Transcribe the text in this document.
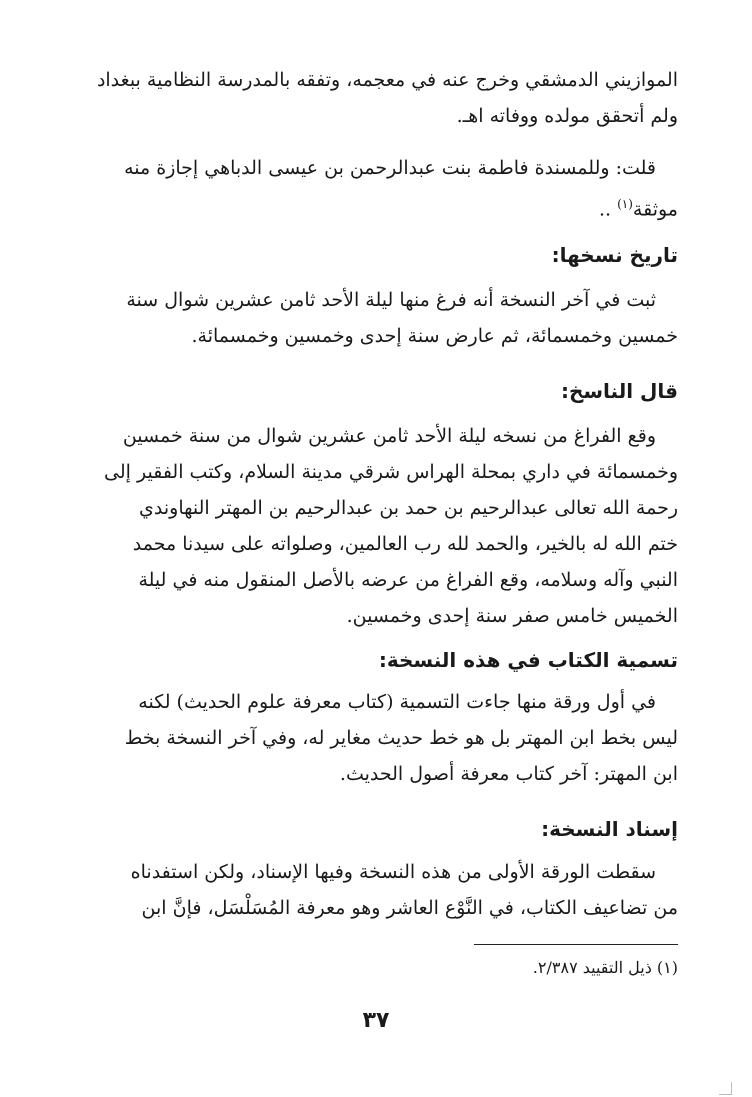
الموازيني الدمشقي وخرج عنه في معجمه، وتفقه بالمدرسة النظامية ببغداد
ولم أتحقق مولده ووفاته اهـ.
قلت: وللمسندة فاطمة بنت عبدالرحمن بن عيسى الدباهي إجازة منه
موثقة$^{(١)}$ ..
تاريخ نسخها:
ثبت في آخر النسخة أنه فرغ منها ليلة الأحد ثامن عشرين شوال سنة
خمسين وخمسمائة، ثم عارض سنة إحدى وخمسين وخمسمائة.
قال الناسخ:
وقع الفراغ من نسخه ليلة الأحد ثامن عشرين شوال من سنة خمسين
وخمسمائة في داري بمحلة الهراس شرقي مدينة السلام، وكتب الفقير إلى
رحمة الله تعالى عبدالرحيم بن حمد بن عبدالرحيم بن المهتر النهاوندي
ختم الله له بالخير، والحمد لله رب العالمين، وصلواته على سيدنا محمد
النبي وآله وسلامه، وقع الفراغ من عرضه بالأصل المنقول منه في ليلة
الخميس خامس صفر سنة إحدى وخمسين.
تسمية الكتاب في هذه النسخة:
في أول ورقة منها جاءت التسمية (كتاب معرفة علوم الحديث) لكنه
ليس بخط ابن المهتر بل هو خط حديث مغاير له، وفي آخر النسخة بخط
ابن المهتر: آخر كتاب معرفة أصول الحديث.
إسناد النسخة:
سقطت الورقة الأولى من هذه النسخة وفيها الإسناد، ولكن استفدناه
من تضاعيف الكتاب، في النَّوْع العاشر وهو معرفة المُسَلْسَل، فإنَّ ابن
(١) ذيل التقييد ٢/٣٨٧.
٣٧
